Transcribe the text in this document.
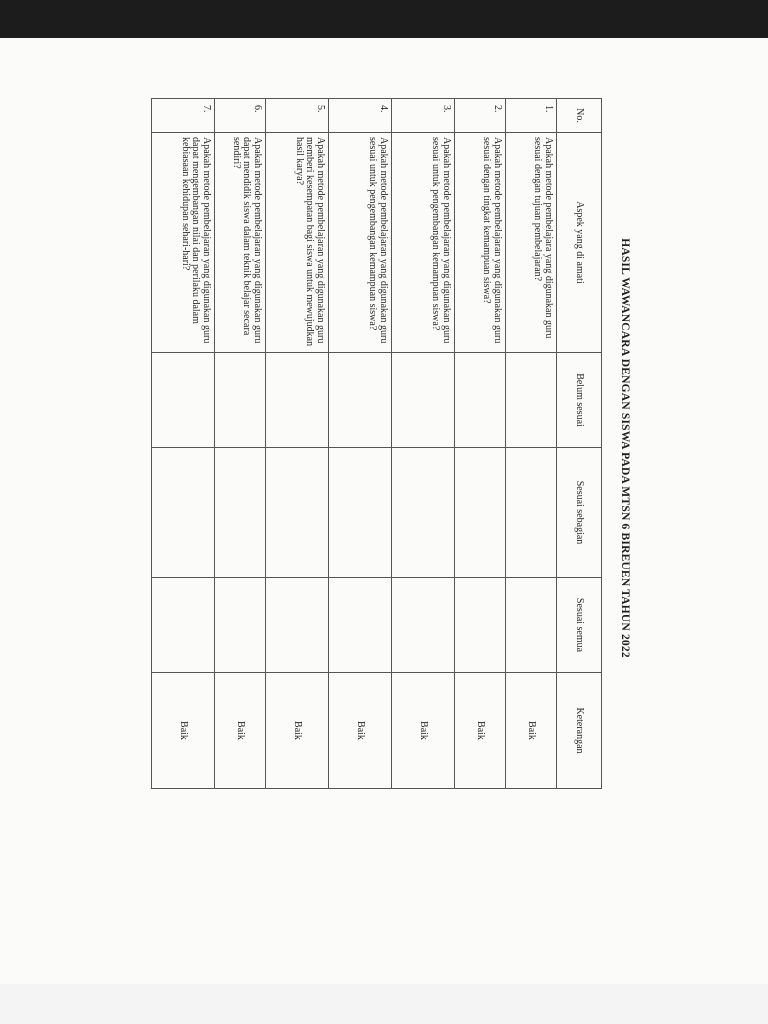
HASIL WAWANCARA DENGAN SISWA PADA MTSN 6 BIREUEN TAHUN 2022
No.	Aspek yang di amati	Belum sesuai	Sesuai sebagian	Sesuai semua	Keterangan
1.	Apakah metode pembelajara yang digunakan guru sesuai dengan tujuan pembelajaran?				Baik
2.	Apakah metode pembelajaran yang digunakan guru sesuai dengan tingkat kemampuan siswa?				Baik
3.	Apakah metode pembelajaran yang digunakan guru sesuai untuk pengembangan kemampuan siswa?				Baik
4.	Apakah metode pembelajaran yang digunakan guru sesuai untuk pengembangan kemampuan siswa?				Baik
5.	Apakah metode pembelajaran yang digunakan guru memberi kesempatan bagi siswa untuk mewujudkan hasil karya?				Baik
6.	Apakah metode pembelajaran yang digunakan guru dapat mendidik siswa dalam teknik belajar secara sendiri?				Baik
7.	Apakah metode pembelajaran yang digunakan guru dapat mengembangan nilai dan perilaku dalam kebiasaan kehidupan sehari-hari?				Baik
